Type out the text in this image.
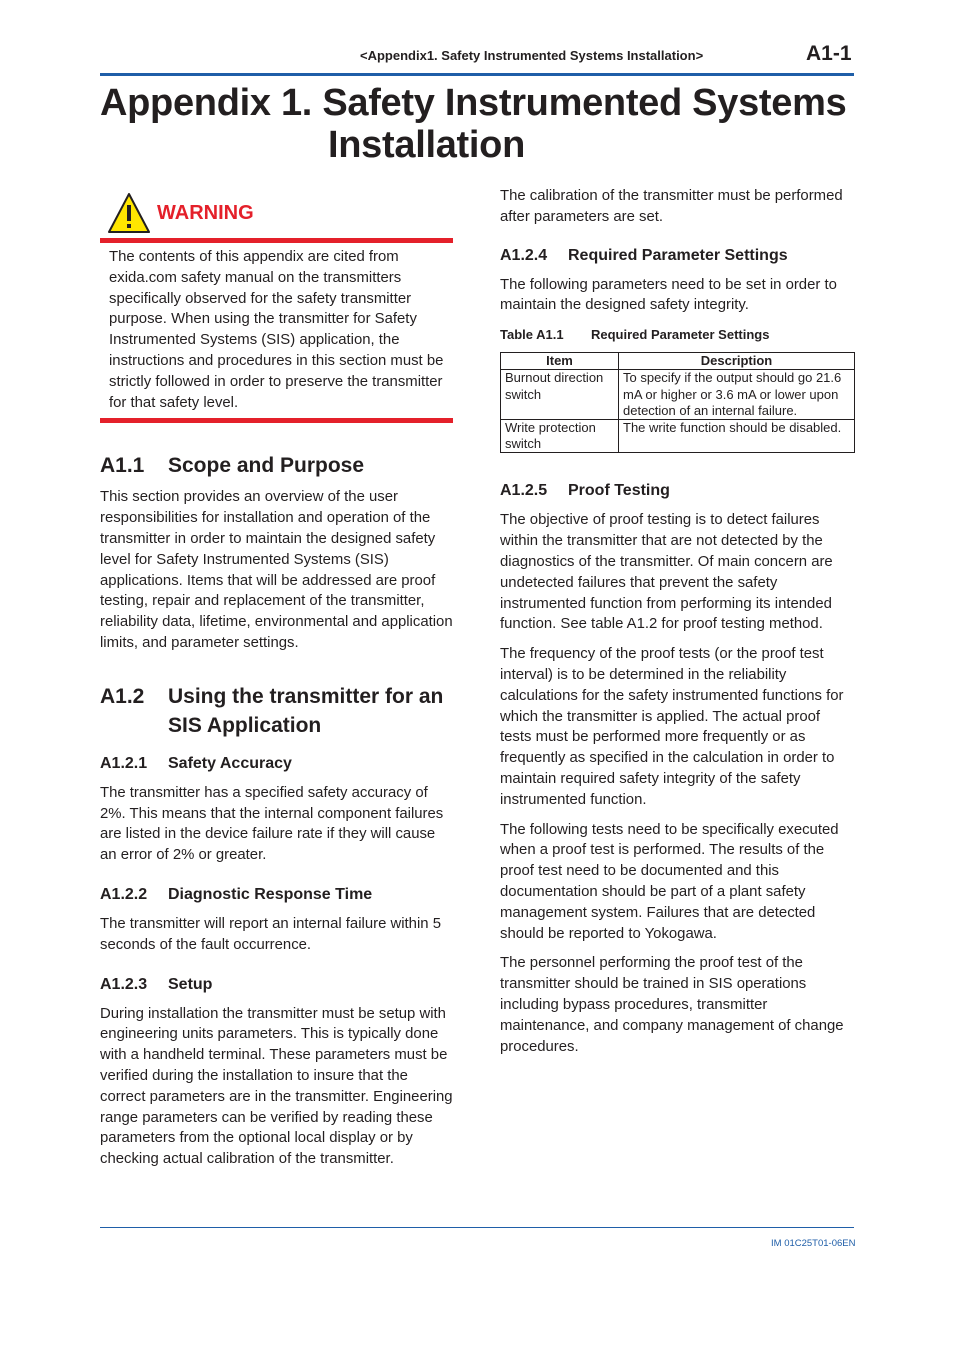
<Appendix1. Safety Instrumented Systems Installation>	A1-1
Appendix 1. Safety Instrumented Systems
Installation
WARNING

The contents of this appendix are cited from exida.com safety manual on the transmitters specifically observed for the safety transmitter purpose. When using the transmitter for Safety Instrumented Systems (SIS) application, the instructions and procedures in this section must be strictly followed in order to preserve the transmitter for that safety level.

A1.1 Scope and Purpose

This section provides an overview of the user responsibilities for installation and operation of the transmitter in order to maintain the designed safety level for Safety Instrumented Systems (SIS) applications. Items that will be addressed are proof testing, repair and replacement of the transmitter, reliability data, lifetime, environmental and application limits, and parameter settings.

A1.2	Using the transmitter for an
SIS Application
A1.2.1 Safety Accuracy

The transmitter has a specified safety accuracy of 2%. This means that the internal component failures are listed in the device failure rate if they will cause an error of 2% or greater.

A1.2.2 Diagnostic Response Time

The transmitter will report an internal failure within 5 seconds of the fault occurrence.

A1.2.3 Setup

During installation the transmitter must be setup with engineering units parameters. This is typically done with a handheld terminal. These parameters must be verified during the installation to insure that the correct parameters are in the transmitter. Engineering range parameters can be verified by reading these parameters from the optional local display or by checking actual calibration of the transmitter.

The calibration of the transmitter must be performed after parameters are set.

A1.2.4 Required Parameter Settings

The following parameters need to be set in order to maintain the designed safety integrity.

Table A1.1 Required Parameter Settings
Item	Description
Burnout direction switch	To specify if the output should go 21.6 mA or higher or 3.6 mA or lower upon detection of an internal failure.
Write protection switch	The write function should be disabled.
A1.2.5 Proof Testing

The objective of proof testing is to detect failures within the transmitter that are not detected by the diagnostics of the transmitter. Of main concern are undetected failures that prevent the safety instrumented function from performing its intended function. See table A1.2 for proof testing method.

The frequency of the proof tests (or the proof test interval) is to be determined in the reliability calculations for the safety instrumented functions for which the transmitter is applied. The actual proof tests must be performed more frequently or as frequently as specified in the calculation in order to maintain required safety integrity of the safety instrumented function.

The following tests need to be specifically executed when a proof test is performed. The results of the proof test need to be documented and this documentation should be part of a plant safety management system. Failures that are detected should be reported to Yokogawa.

The personnel performing the proof test of the transmitter should be trained in SIS operations including bypass procedures, transmitter maintenance, and company management of change procedures.

IM 01C25T01-06EN
